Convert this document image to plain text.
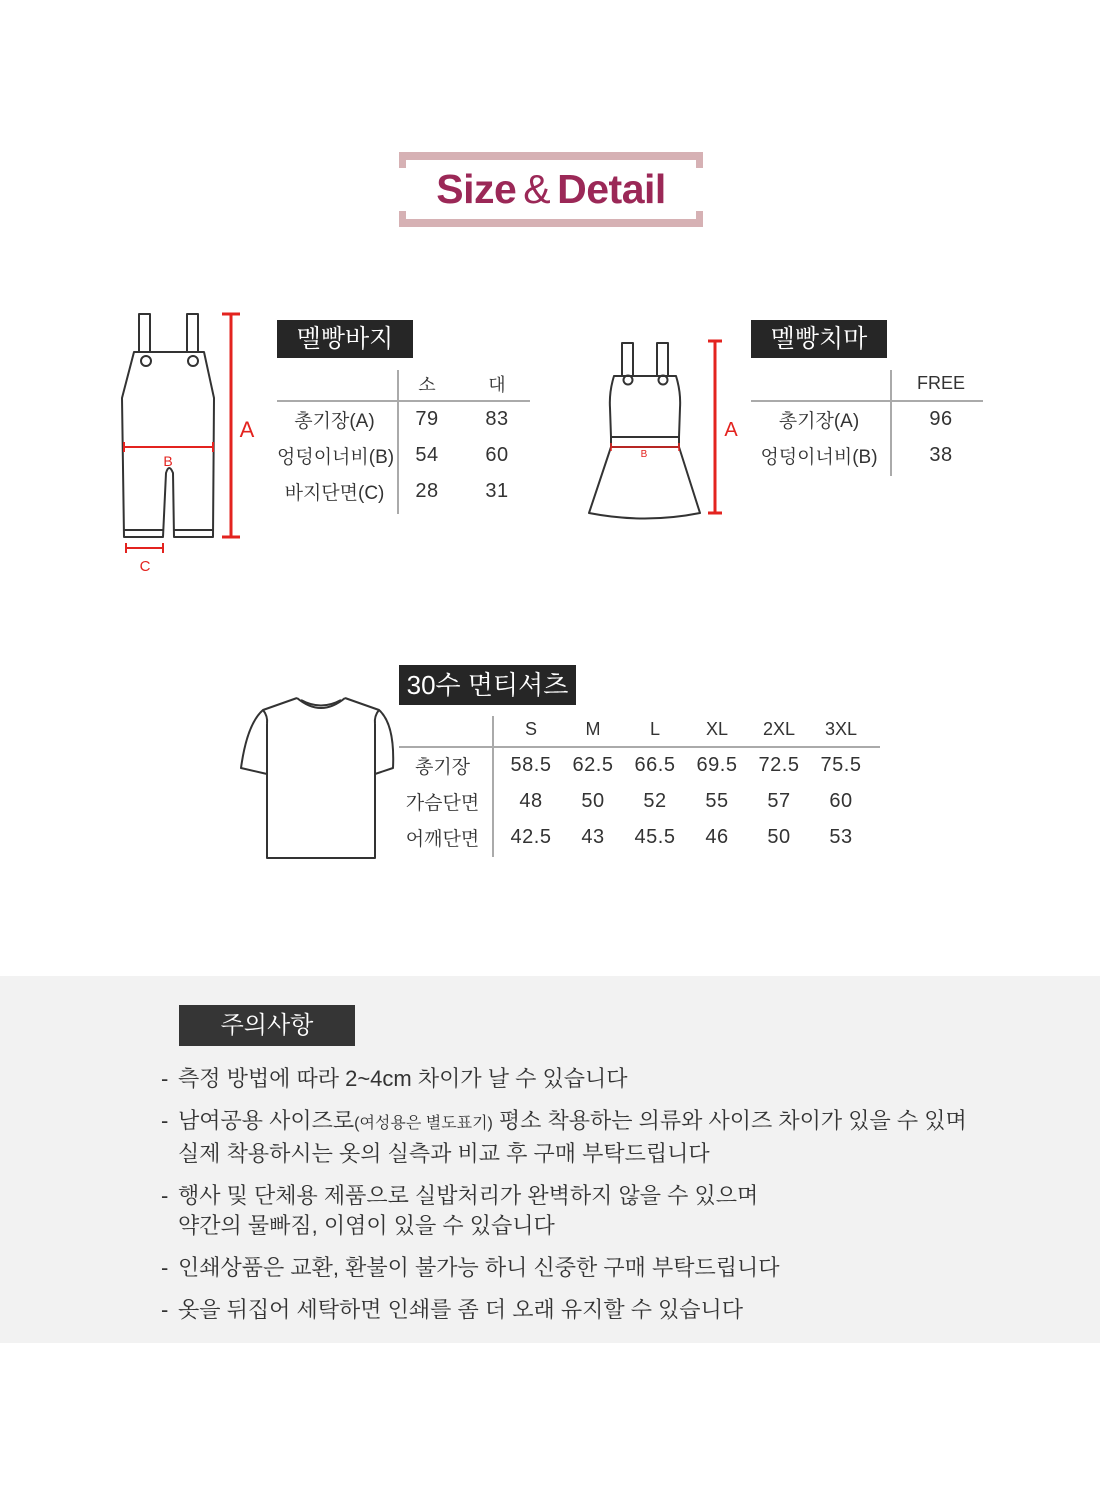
Size & Detail
A
B
C
멜빵바지
소	대
총기장(A)	79	83
엉덩이너비(B)	54	60
바지단면(C)	28	31
A
B
멜빵치마
FREE
총기장(A)	96
엉덩이너비(B)	38
30수 면티셔츠
S	M	L	XL	2XL	3XL
총기장	58.5	62.5	66.5	69.5	72.5	75.5
가슴단면	48	50	52	55	57	60
어깨단면	42.5	43	45.5	46	50	53
주의사항
- 측정 방법에 따라 2~4cm 차이가 날 수 있습니다
- 남여공용 사이즈로(여성용은 별도표기) 평소 착용하는 의류와 사이즈 차이가 있을 수 있며
실제 착용하시는 옷의 실측과 비교 후 구매 부탁드립니다
- 행사 및 단체용 제품으로 실밥처리가 완벽하지 않을 수 있으며
약간의 물빠짐, 이염이 있을 수 있습니다
- 인쇄상품은 교환, 환불이 불가능 하니 신중한 구매 부탁드립니다
- 옷을 뒤집어 세탁하면 인쇄를 좀 더 오래 유지할 수 있습니다
